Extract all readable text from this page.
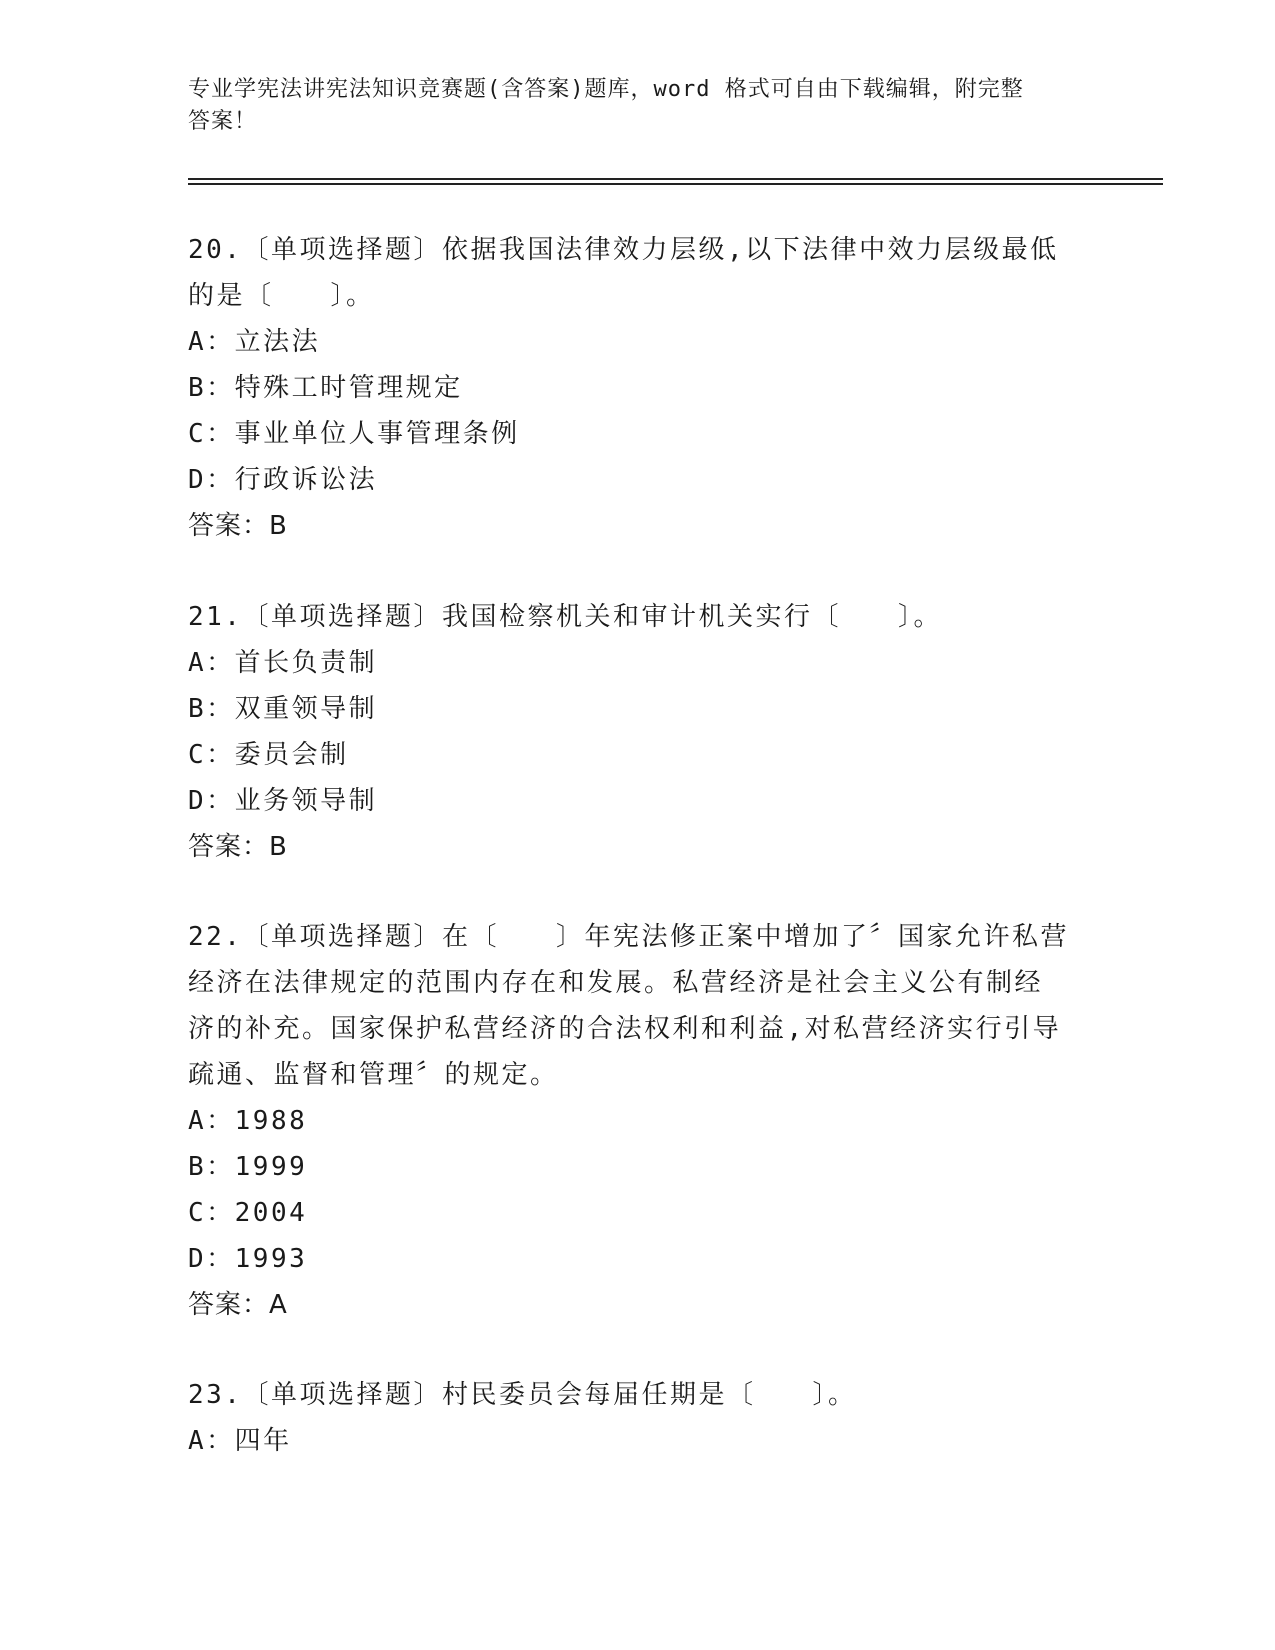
专业学宪法讲宪法知识竞赛题(含答案)题库，word 格式可自由下载编辑，附完整
答案！
20.〔单项选择题〕依据我国法律效力层级,以下法律中效力层级最低
的是〔　　〕。
A：立法法
B：特殊工时管理规定
C：事业单位人事管理条例
D：行政诉讼法
答案：B
21.〔单项选择题〕我国检察机关和审计机关实行〔　　〕。
A：首长负责制
B：双重领导制
C：委员会制
D：业务领导制
答案：B
22.〔单项选择题〕在〔　　〕年宪法修正案中增加了〞国家允许私营
经济在法律规定的范围内存在和发展。私营经济是社会主义公有制经
济的补充。国家保护私营经济的合法权利和利益,对私营经济实行引导
疏通、监督和管理〞的规定。
A：1988
B：1999
C：2004
D：1993
答案：A
23.〔单项选择题〕村民委员会每届任期是〔　　〕。
A：四年
